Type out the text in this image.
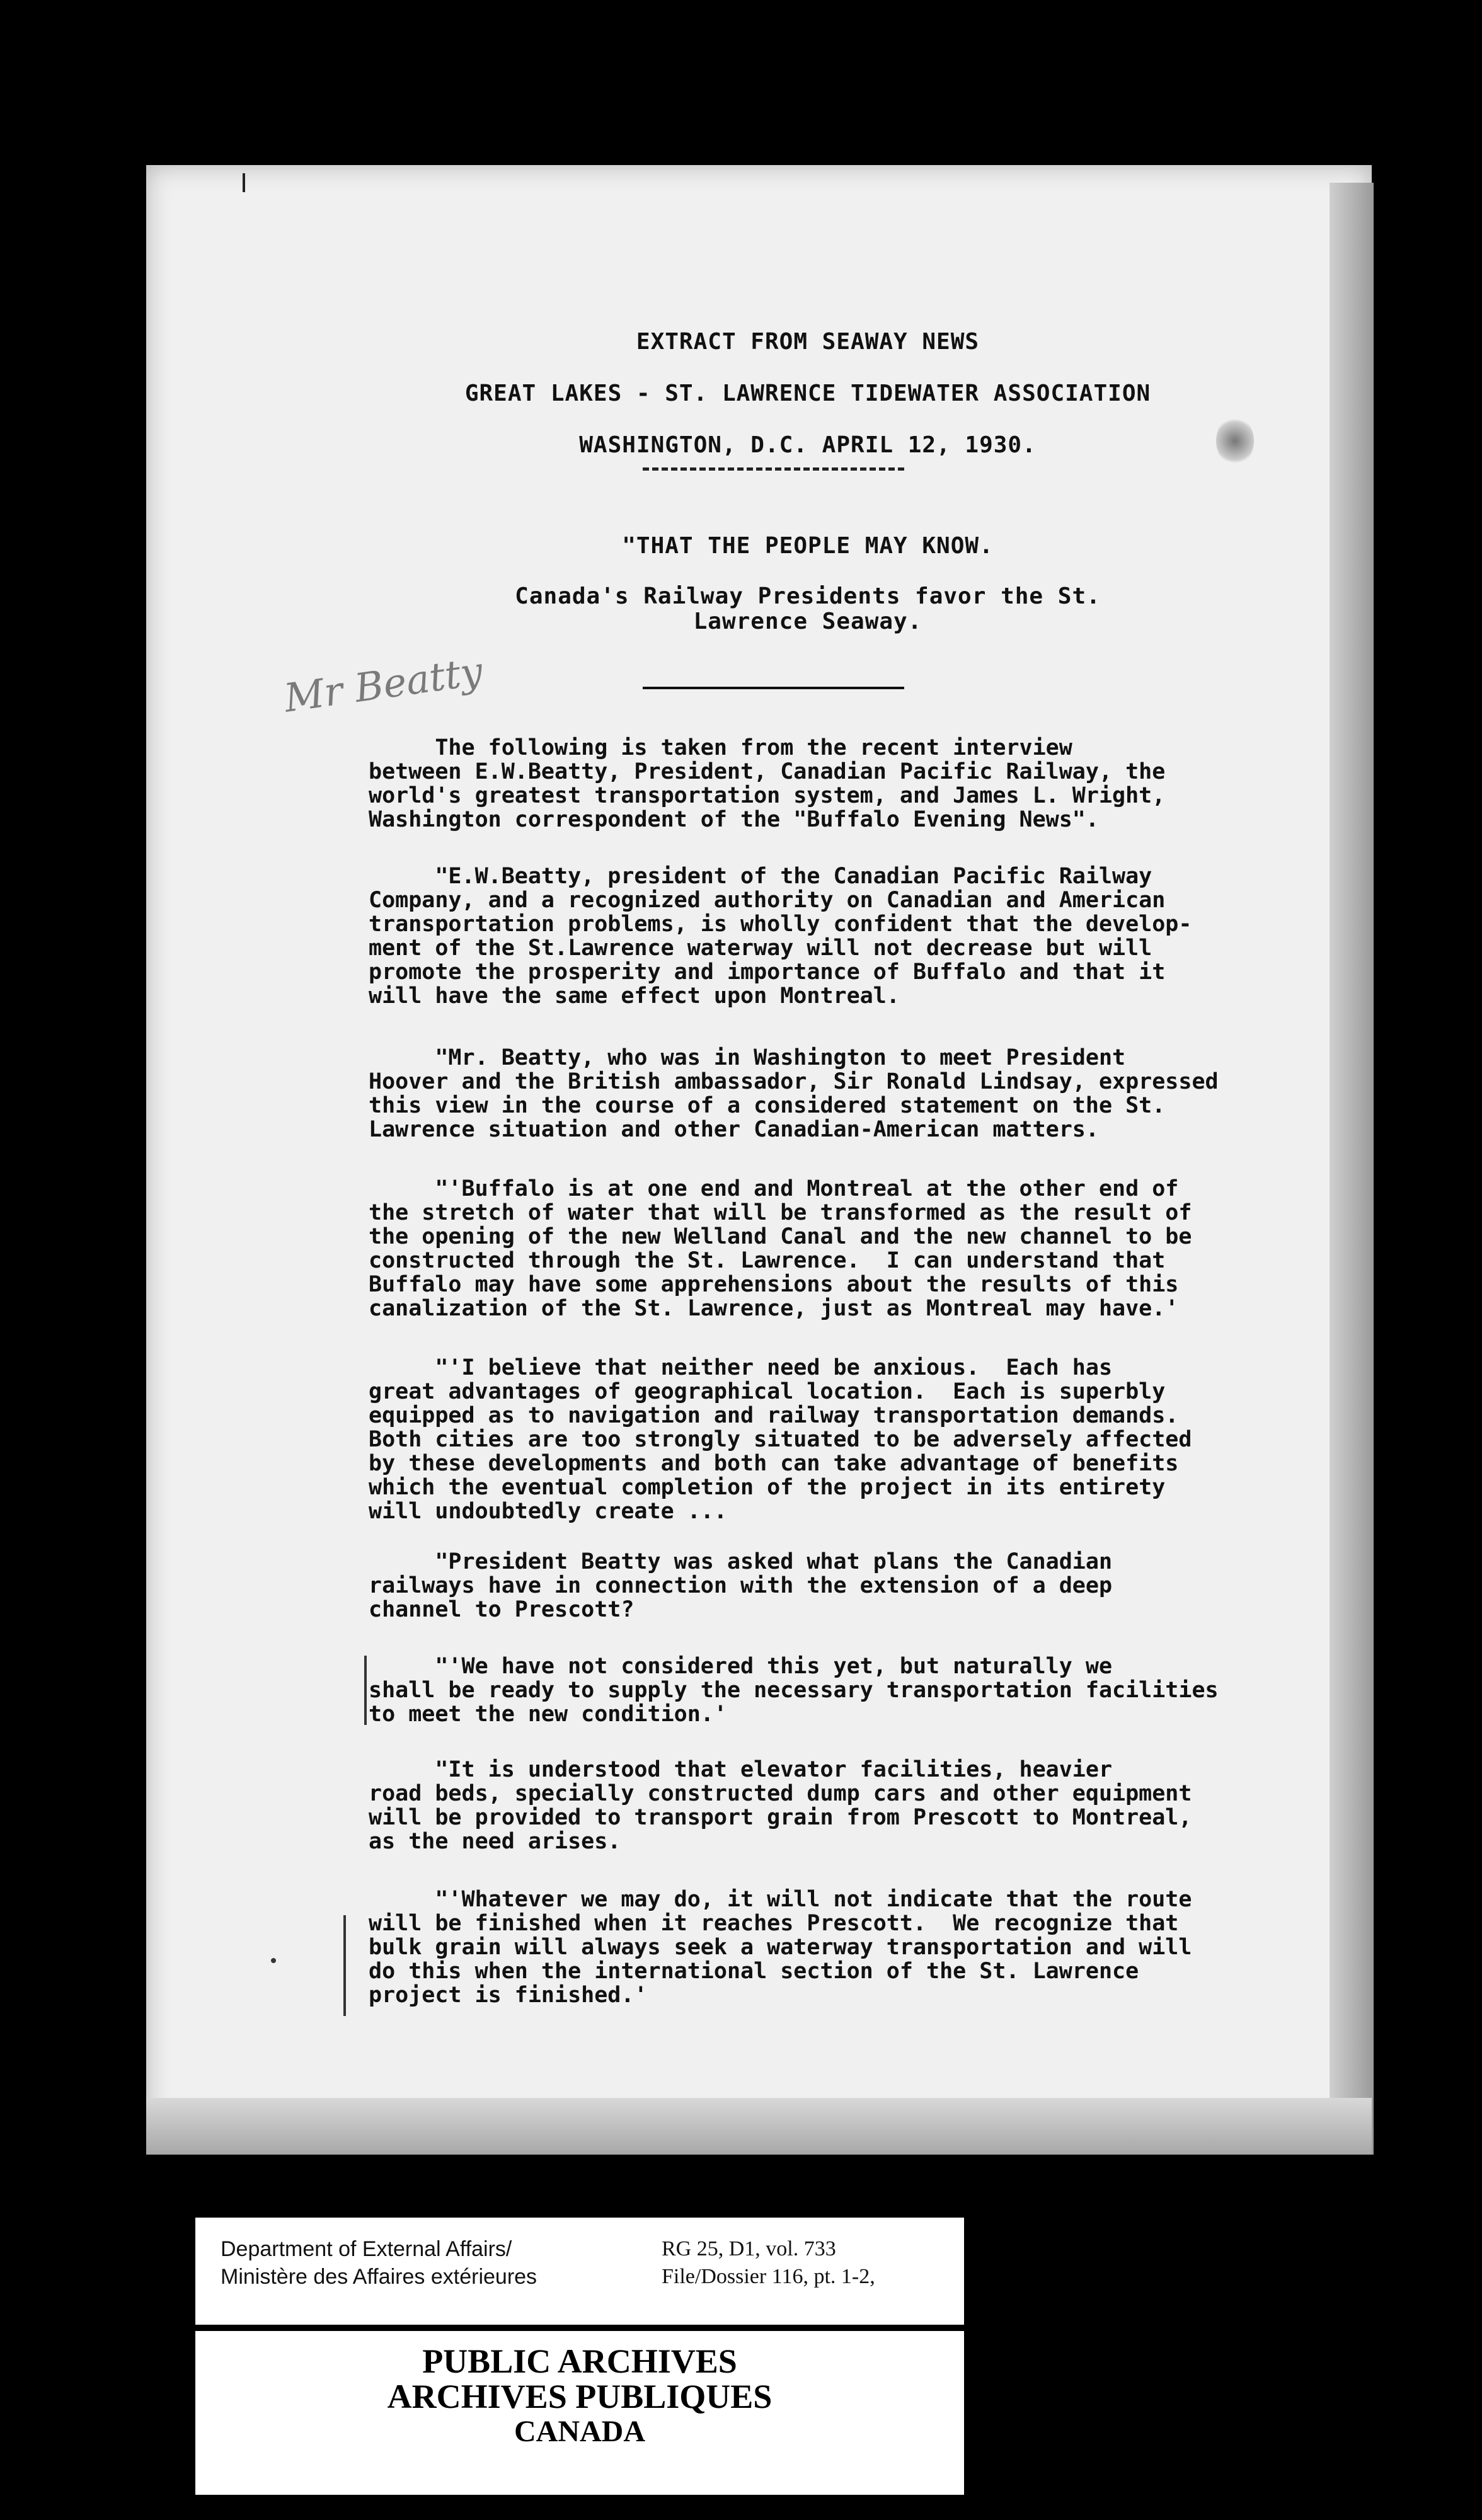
EXTRACT FROM SEAWAY NEWS
GREAT LAKES - ST. LAWRENCE TIDEWATER ASSOCIATION
WASHINGTON, D.C. APRIL 12, 1930.
"THAT THE PEOPLE MAY KNOW.
Canada's Railway Presidents favor the St.
Lawrence Seaway.
Mr Beatty
The following is taken from the recent interview
between E.W.Beatty, President, Canadian Pacific Railway, the
world's greatest transportation system, and James L. Wright,
Washington correspondent of the "Buffalo Evening News".
"E.W.Beatty, president of the Canadian Pacific Railway
Company, and a recognized authority on Canadian and American
transportation problems, is wholly confident that the develop-
ment of the St.Lawrence waterway will not decrease but will
promote the prosperity and importance of Buffalo and that it
will have the same effect upon Montreal.
"Mr. Beatty, who was in Washington to meet President
Hoover and the British ambassador, Sir Ronald Lindsay, expressed
this view in the course of a considered statement on the St.
Lawrence situation and other Canadian-American matters.
"'Buffalo is at one end and Montreal at the other end of
the stretch of water that will be transformed as the result of
the opening of the new Welland Canal and the new channel to be
constructed through the St. Lawrence.  I can understand that
Buffalo may have some apprehensions about the results of this
canalization of the St. Lawrence, just as Montreal may have.'
"'I believe that neither need be anxious.  Each has
great advantages of geographical location.  Each is superbly
equipped as to navigation and railway transportation demands.
Both cities are too strongly situated to be adversely affected
by these developments and both can take advantage of benefits
which the eventual completion of the project in its entirety
will undoubtedly create ...
"President Beatty was asked what plans the Canadian
railways have in connection with the extension of a deep
channel to Prescott?
"'We have not considered this yet, but naturally we
shall be ready to supply the necessary transportation facilities
to meet the new condition.'
"It is understood that elevator facilities, heavier
road beds, specially constructed dump cars and other equipment
will be provided to transport grain from Prescott to Montreal,
as the need arises.
"'Whatever we may do, it will not indicate that the route
will be finished when it reaches Prescott.  We recognize that
bulk grain will always seek a waterway transportation and will
do this when the international section of the St. Lawrence
project is finished.'
Department of External Affairs/
Ministère des Affaires extérieures
RG 25, D1, vol. 733
File/Dossier 116, pt. 1-2,
PUBLIC ARCHIVES
ARCHIVES PUBLIQUES
CANADA
